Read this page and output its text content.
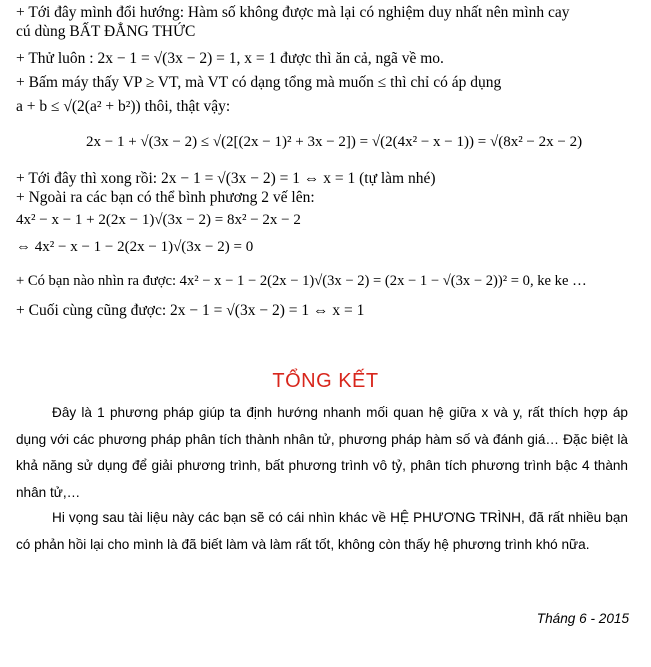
+ Tới đây mình đổi hướng: Hàm số không được mà lại có nghiệm duy nhất nên mình cay
cú dùng BẤT ĐẲNG THỨC
+ Thử luôn : 2x − 1 = √(3x − 2) = 1, x = 1 được thì ăn cả, ngã về mo.
+ Bấm máy thấy VP ≥ VT, mà VT có dạng tổng mà muốn ≤ thì chỉ có áp dụng
a + b ≤ √(2(a² + b²)) thôi, thật vậy:
2x − 1 + √(3x − 2) ≤ √(2[(2x − 1)² + 3x − 2]) = √(2(4x² − x − 1)) = √(8x² − 2x − 2)
+ Tới đây thì xong rồi: 2x − 1 = √(3x − 2) = 1 ⇔ x = 1 (tự làm nhé)
+ Ngoài ra các bạn có thể bình phương 2 vế lên:
4x² − x − 1 + 2(2x − 1)√(3x − 2) = 8x² − 2x − 2
⇔ 4x² − x − 1 − 2(2x − 1)√(3x − 2) = 0
+ Có bạn nào nhìn ra được: 4x² − x − 1 − 2(2x − 1)√(3x − 2) = (2x − 1 − √(3x − 2))² = 0, ke ke …
+ Cuối cùng cũng được: 2x − 1 = √(3x − 2) = 1 ⇔ x = 1
TỔNG KẾT
Đây là 1 phương pháp giúp ta định hướng nhanh mối quan hệ giữa x và y, rất thích hợp áp dụng với các phương pháp phân tích thành nhân tử, phương pháp hàm số và đánh giá… Đặc biệt là khả năng sử dụng để giải phương trình, bất phương trình vô tỷ, phân tích phương trình bậc 4 thành nhân tử,…
Hi vọng sau tài liệu này các bạn sẽ có cái nhìn khác về HỆ PHƯƠNG TRÌNH, đã rất nhiều bạn có phản hồi lại cho mình là đã biết làm và làm rất tốt, không còn thấy hệ phương trình khó nữa.
Tháng 6 - 2015
